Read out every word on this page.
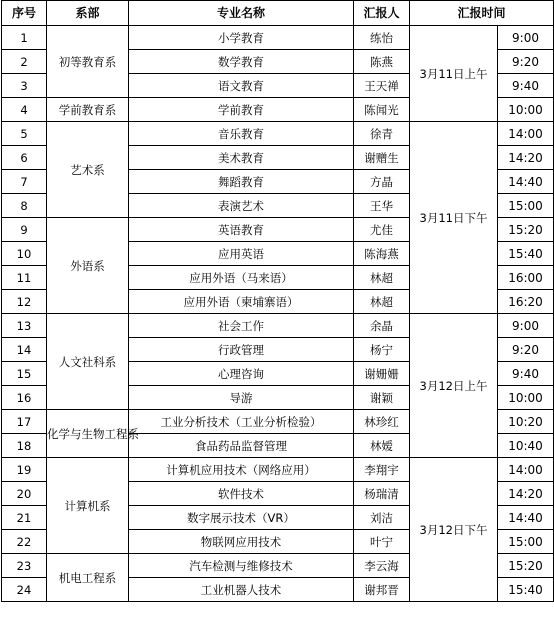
序号	系部	专业名称	汇报人	汇报时间	
1	初等教育系	小学教育	练怡	3月11日上午	9:00
2		数学教育	陈燕		9:20
3		语文教育	王天禅		9:40
4	学前教育系	学前教育	陈闻光		10:00
5	艺术系	音乐教育	徐青	3月11日下午	14:00
6		美术教育	谢赠生		14:20
7		舞蹈教育	方晶		14:40
8		表演艺术	王华		15:00
9	外语系	英语教育	尤佳		15:20
10		应用英语	陈海燕		15:40
11		应用外语（马来语）	林超		16:00
12		应用外语（柬埔寨语）	林超		16:20
13	人文社科系	社会工作	余晶	3月12日上午	9:00
14		行政管理	杨宁		9:20
15		心理咨询	谢姗姗		9:40
16		导游	谢颖		10:00
17	化学与生物工程系	工业分析技术（工业分析检验）	林珍红		10:20
18		食品药品监督管理	林嫒		10:40
19	计算机系	计算机应用技术（网络应用）	李翔宇	3月12日下午	14:00
20		软件技术	杨瑞清		14:20
21		数字展示技术（VR）	刘洁		14:40
22		物联网应用技术	叶宁		15:00
23	机电工程系	汽车检测与维修技术	李云海		15:20
24		工业机器人技术	谢邦晋		15:40
